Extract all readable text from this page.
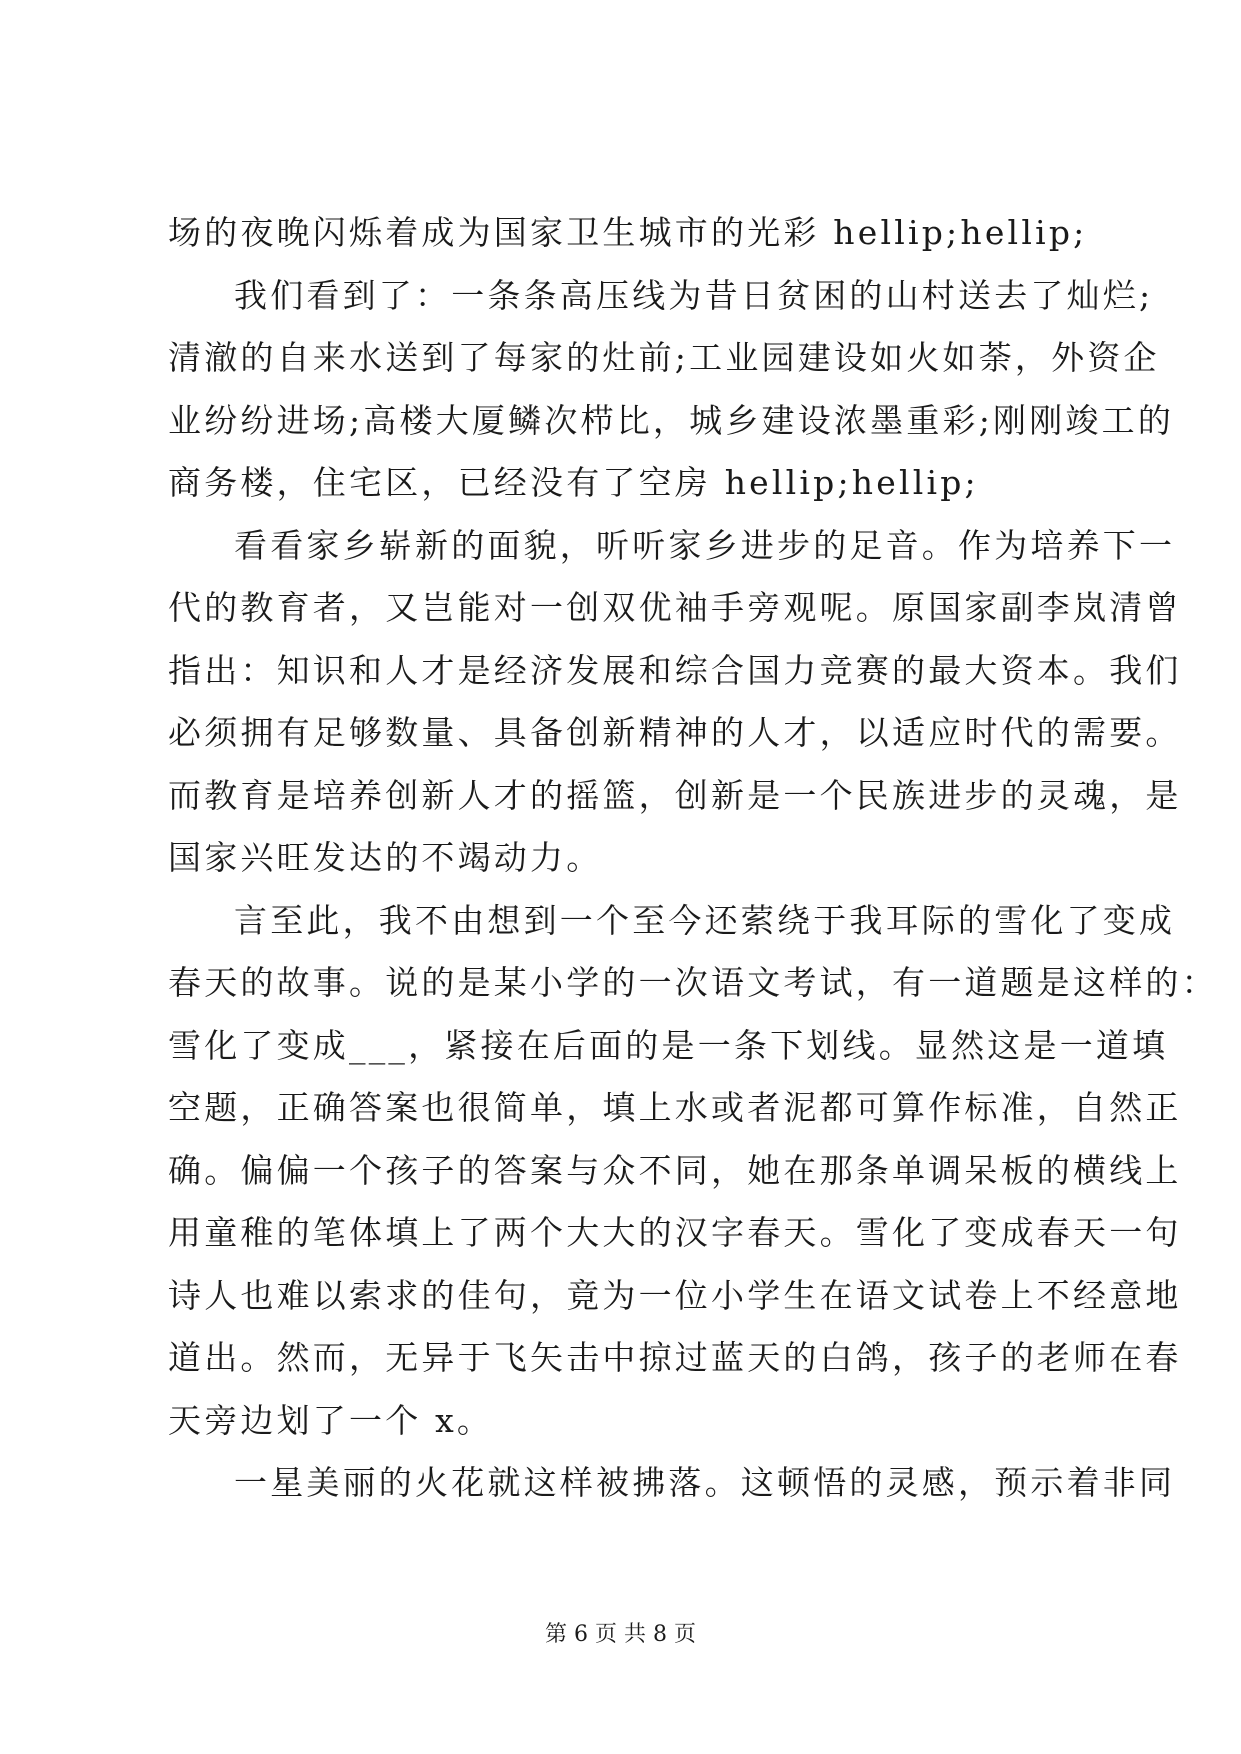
场的夜晚闪烁着成为国家卫生城市的光彩 hellip;hellip;
我们看到了：一条条高压线为昔日贫困的山村送去了灿烂;
清澈的自来水送到了每家的灶前;工业园建设如火如荼，外资企
业纷纷进场;高楼大厦鳞次栉比，城乡建设浓墨重彩;刚刚竣工的
商务楼，住宅区，已经没有了空房 hellip;hellip;
看看家乡崭新的面貌，听听家乡进步的足音。作为培养下一
代的教育者，又岂能对一创双优袖手旁观呢。原国家副李岚清曾
指出：知识和人才是经济发展和综合国力竞赛的最大资本。我们
必须拥有足够数量、具备创新精神的人才，以适应时代的需要。
而教育是培养创新人才的摇篮，创新是一个民族进步的灵魂，是
国家兴旺发达的不竭动力。
言至此，我不由想到一个至今还萦绕于我耳际的雪化了变成
春天的故事。说的是某小学的一次语文考试，有一道题是这样的：
雪化了变成___，紧接在后面的是一条下划线。显然这是一道填
空题，正确答案也很简单，填上水或者泥都可算作标准，自然正
确。偏偏一个孩子的答案与众不同，她在那条单调呆板的横线上
用童稚的笔体填上了两个大大的汉字春天。雪化了变成春天一句
诗人也难以索求的佳句，竟为一位小学生在语文试卷上不经意地
道出。然而，无异于飞矢击中掠过蓝天的白鸽，孩子的老师在春
天旁边划了一个 x。
一星美丽的火花就这样被拂落。这顿悟的灵感，预示着非同
第 6 页 共 8 页
